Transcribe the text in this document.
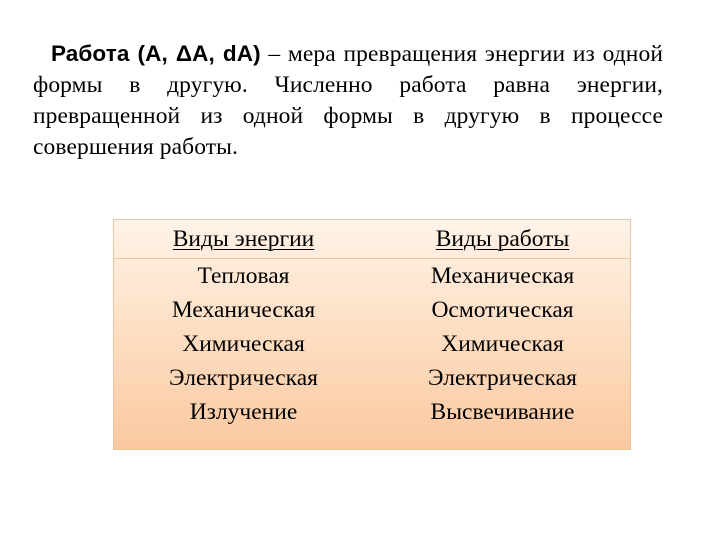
Работа (A, ΔA, dA) – мера превращения энергии из одной формы в другую. Численно работа равна энергии, превращенной из одной формы в другую в процессе совершения работы.
Виды энергии	Виды работы
Тепловая
Механическая
Химическая
Электрическая
Излучение
Механическая
Осмотическая
Химическая
Электрическая
Высвечивание
